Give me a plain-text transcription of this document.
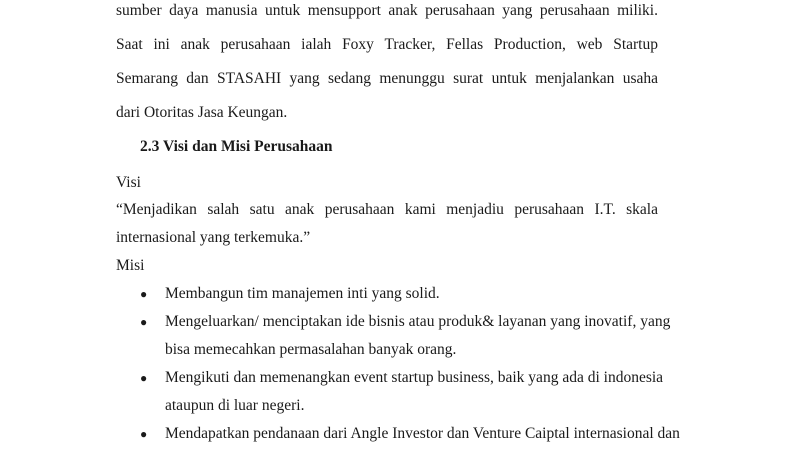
sumber daya manusia untuk mensupport anak perusahaan yang perusahaan miliki.
Saat ini anak perusahaan ialah Foxy Tracker, Fellas Production, web Startup
Semarang dan STASAHI yang sedang menunggu surat untuk menjalankan usaha
dari Otoritas Jasa Keungan.
2.3 Visi dan Misi Perusahaan
Visi
“Menjadikan salah satu anak perusahaan kami menjadiu perusahaan I.T. skala
internasional yang terkemuka.”
Misi
● Membangun tim manajemen inti yang solid.
● Mengeluarkan/ menciptakan ide bisnis atau produk& layanan yang inovatif, yang
bisa memecahkan permasalahan banyak orang.
● Mengikuti dan memenangkan event startup business, baik yang ada di indonesia
ataupun di luar negeri.
● Mendapatkan pendanaan dari Angle Investor dan Venture Caiptal internasional dan
